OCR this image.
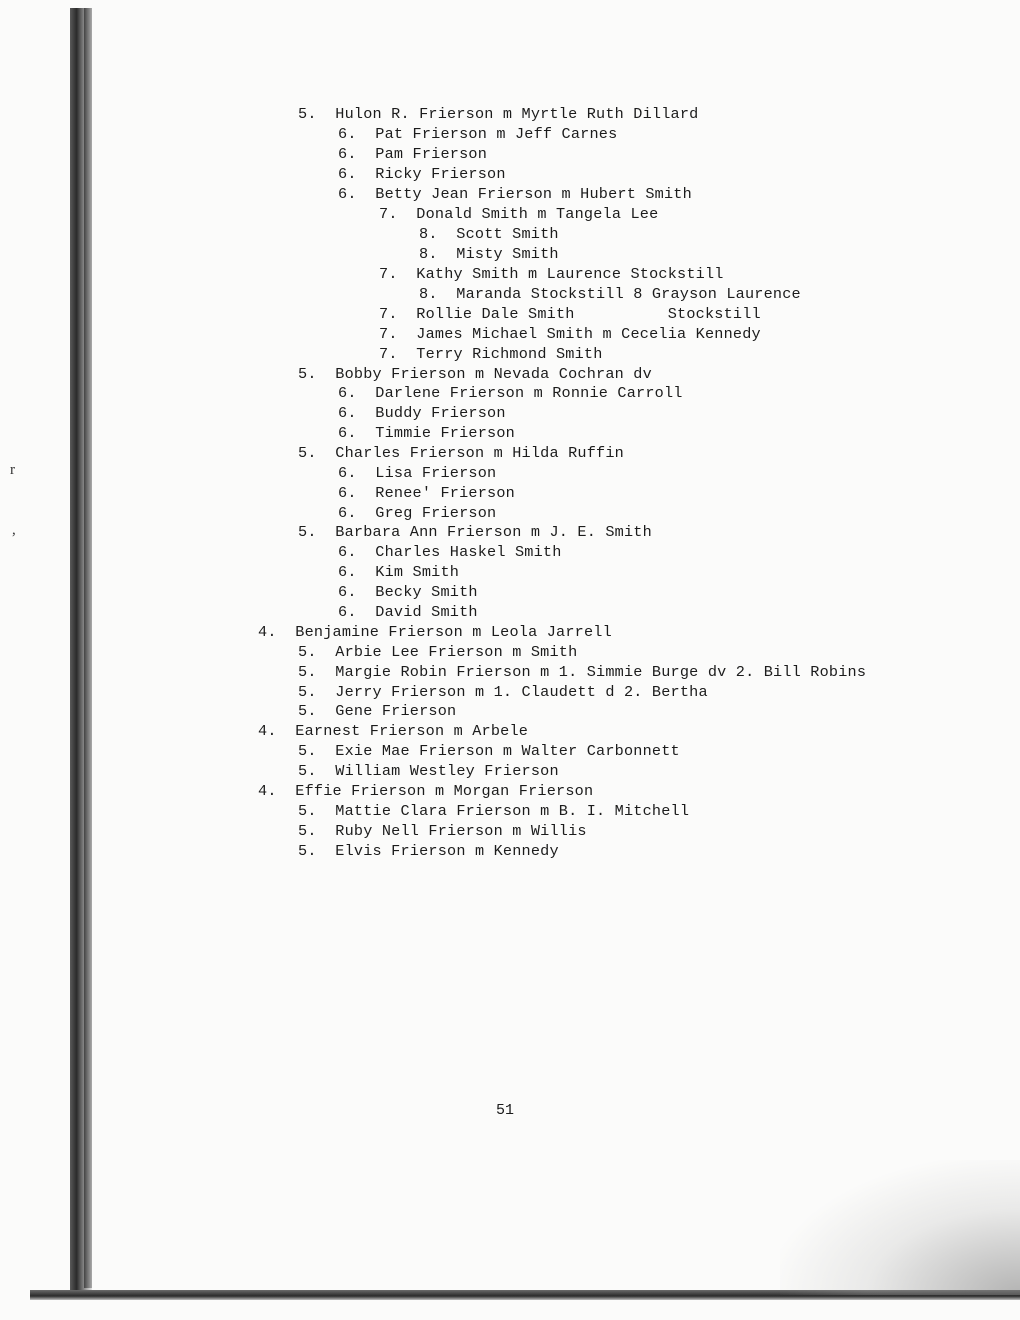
r
,
5.  Hulon R. Frierson m Myrtle Ruth Dillard
6.  Pat Frierson m Jeff Carnes
6.  Pam Frierson
6.  Ricky Frierson
6.  Betty Jean Frierson m Hubert Smith
7.  Donald Smith m Tangela Lee
8.  Scott Smith
8.  Misty Smith
7.  Kathy Smith m Laurence Stockstill
8.  Maranda Stockstill 8 Grayson Laurence
7.  Rollie Dale Smith          Stockstill
7.  James Michael Smith m Cecelia Kennedy
7.  Terry Richmond Smith
5.  Bobby Frierson m Nevada Cochran dv
6.  Darlene Frierson m Ronnie Carroll
6.  Buddy Frierson
6.  Timmie Frierson
5.  Charles Frierson m Hilda Ruffin
6.  Lisa Frierson
6.  Renee' Frierson
6.  Greg Frierson
5.  Barbara Ann Frierson m J. E. Smith
6.  Charles Haskel Smith
6.  Kim Smith
6.  Becky Smith
6.  David Smith
4.  Benjamine Frierson m Leola Jarrell
5.  Arbie Lee Frierson m Smith
5.  Margie Robin Frierson m 1. Simmie Burge dv 2. Bill Robins
5.  Jerry Frierson m 1. Claudett d 2. Bertha
5.  Gene Frierson
4.  Earnest Frierson m Arbele
5.  Exie Mae Frierson m Walter Carbonnett
5.  William Westley Frierson
4.  Effie Frierson m Morgan Frierson
5.  Mattie Clara Frierson m B. I. Mitchell
5.  Ruby Nell Frierson m Willis
5.  Elvis Frierson m Kennedy
51
